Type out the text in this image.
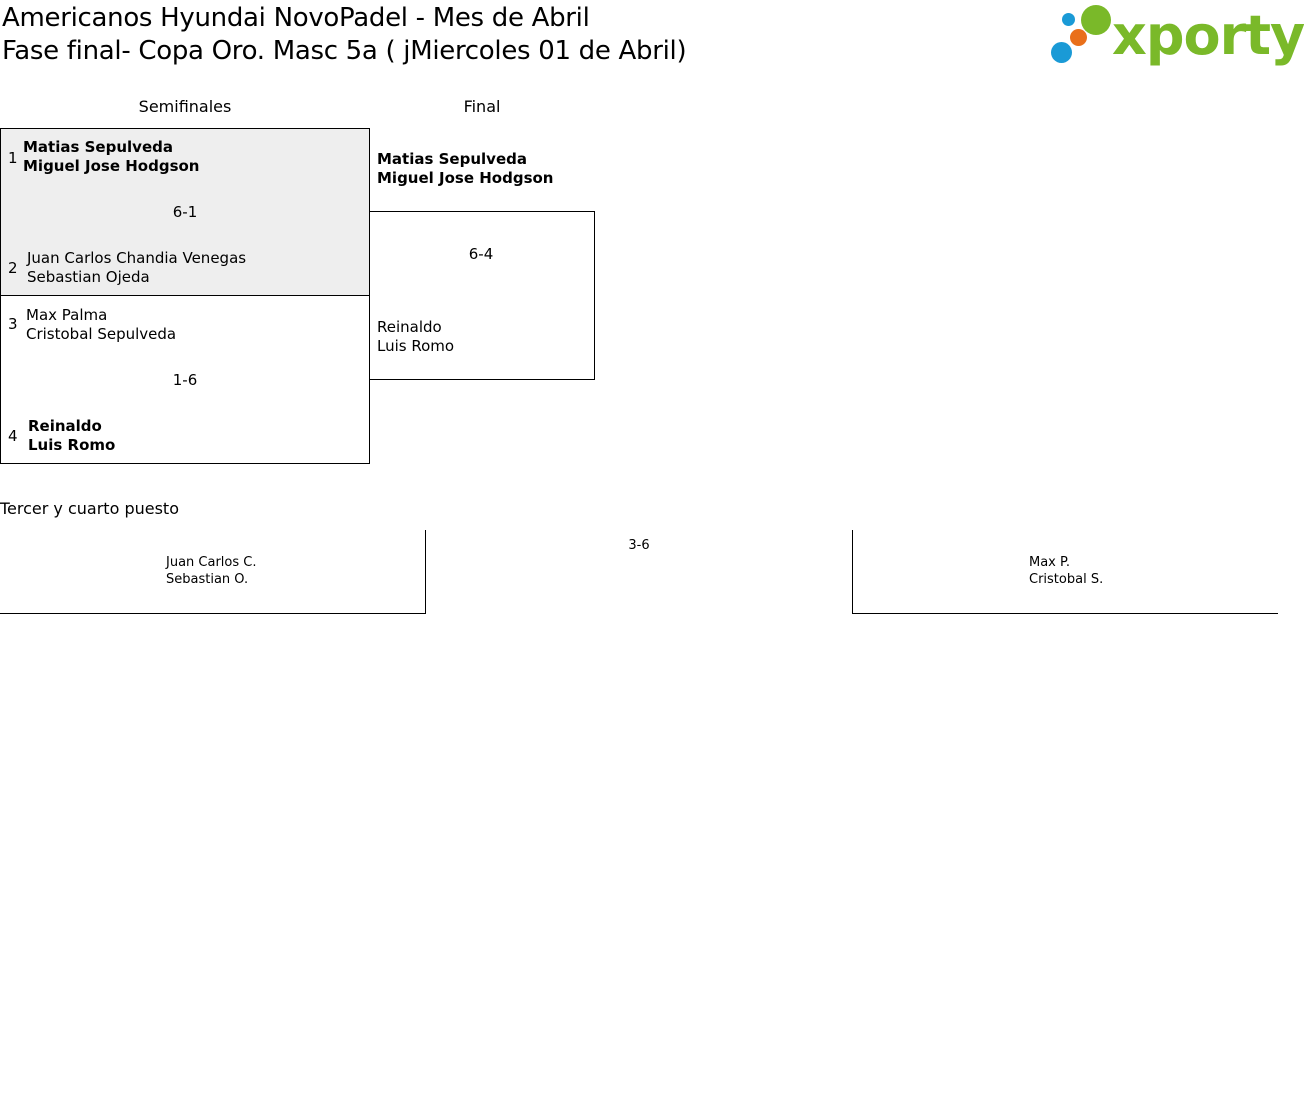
Americanos Hyundai NovoPadel - Mes de Abril
Fase final- Copa Oro. Masc 5a ( jMiercoles 01 de Abril)	xporty
Semifinales	Final
1
Matias Sepulveda
Miguel Jose Hodgson
6-1
2
Juan Carlos Chandia Venegas
Sebastian Ojeda
3 Max Palma
Cristobal Sepulveda
1-6
4
Reinaldo
Luis Romo
Matias Sepulveda
Miguel Jose Hodgson
6-4
Reinaldo
Luis Romo
Tercer y cuarto puesto
Juan Carlos C.
Sebastian O.
3-6
Max P.
Cristobal S.
